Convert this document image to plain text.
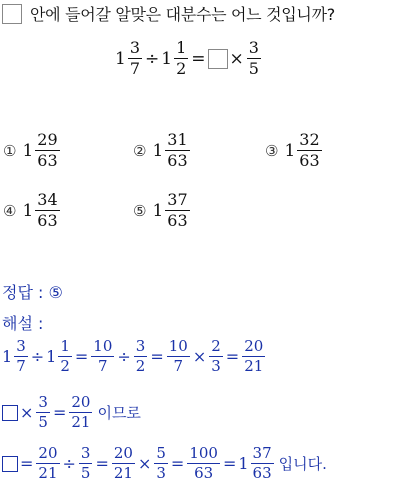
안에 들어갈 알맞은 대분수는 어느 것입니까?
$1 \frac{3}{7} \div 1 \frac{1}{2}$ = × $\frac{3}{5}$
① $1 \frac{29}{63}$	② $1 \frac{31}{63}$	③ $1 \frac{32}{63}$
④ $1 \frac{34}{63}$	⑤ $1 \frac{37}{63}$
정답 : ⑤
해설 :
$1 \frac{3}{7} \div 1 \frac{1}{2} = \frac{10}{7} \div \frac{3}{2} = \frac{10}{7} \times \frac{2}{3} = \frac{20}{21}$
× $\frac{3}{5} = \frac{20}{21}$ 이므로
= $\frac{20}{21} \div \frac{3}{5} = \frac{20}{21} \times \frac{5}{3} = \frac{100}{63} = 1 \frac{37}{63}$ 입니다.
